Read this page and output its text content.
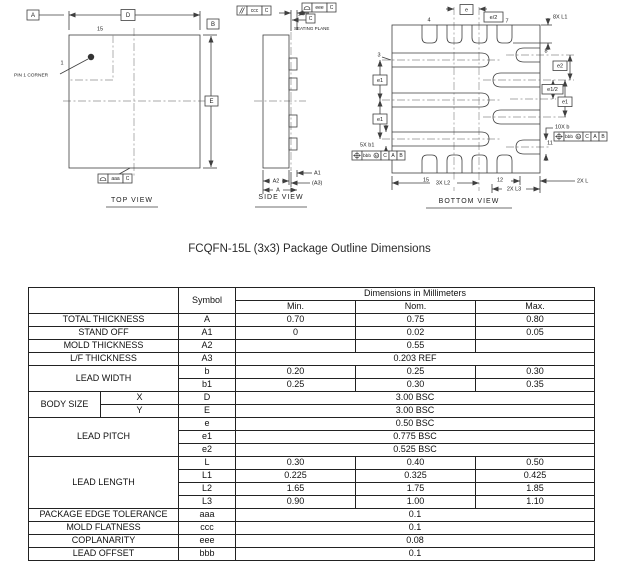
PIN 1 CORNER
1
15
A	D
B
E
aaa C
TOP VIEW
ccc C	eee C
C
SEATING PLANE
A2
A
A1
(A3)
SIDE VIEW
4	7
3
8
11
15	12
e
e/2	8X L1
e1
e1
5X b1
bbb M C A B
e2
e1/2
e1
10X b
bbb M C A B
3X L2
2X L3
2X L
BOTTOM VIEW
FCQFN-15L (3x3) Package Outline Dimensions
		Symbol	Dimensions in Millimeters		
			Min.	Nom.	Max.
TOTAL THICKNESS		A	0.70	0.75	0.80
STAND OFF		A1	0	0.02	0.05
MOLD THICKNESS		A2		0.55	
L/F THICKNESS		A3	0.203 REF		
LEAD WIDTH		b	0.20	0.25	0.30
		b1	0.25	0.30	0.35
BODY SIZE	X	D	3.00 BSC		
	Y	E	3.00 BSC		
LEAD PITCH		e	0.50 BSC		
		e1	0.775 BSC		
		e2	0.525 BSC		
LEAD LENGTH		L	0.30	0.40	0.50
		L1	0.225	0.325	0.425
		L2	1.65	1.75	1.85
		L3	0.90	1.00	1.10
PACKAGE EDGE TOLERANCE		aaa	0.1		
MOLD FLATNESS		ccc	0.1		
COPLANARITY		eee	0.08		
LEAD OFFSET		bbb	0.1		
